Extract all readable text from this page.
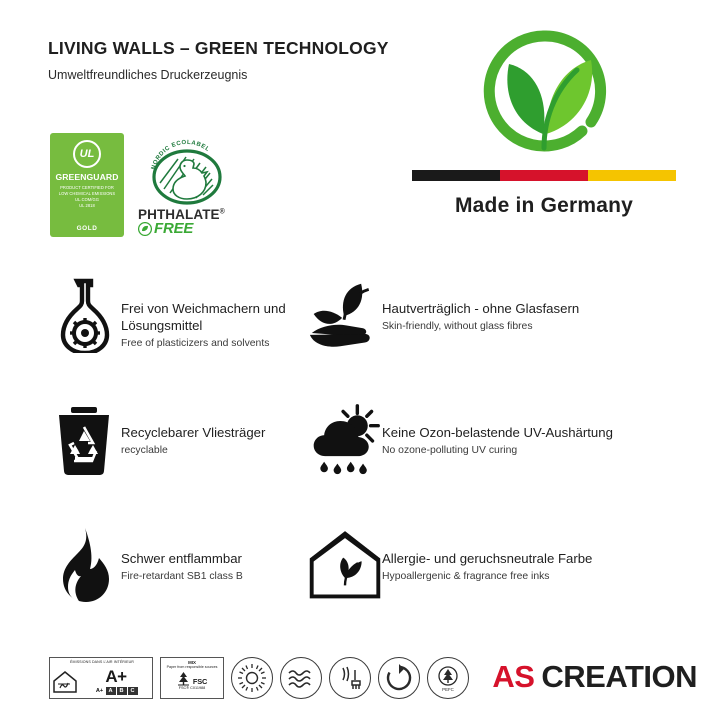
LIVING WALLS – GREEN TECHNOLOGY
Umweltfreundliches Druckerzeugnis
UL
GREENGUARD
PRODUCT CERTIFIED FOR
LOW CHEMICAL EMISSIONS
UL.COM/GG
UL 2818
GOLD
NORDIC ECOLABEL
PHTHALATE®
FREE
Made in Germany
Frei von Weichmachern und Lösungsmittel
Free of plasticizers and solvents
Hautverträglich - ohne Glasfasern
Skin-friendly, without glass fibres
Recyclebarer Vliesträger
recyclable
Keine Ozon-belastende UV-Aushärtung
No ozone-polluting UV curing
Schwer entflammbar
Fire-retardant SB1 class B
Allergie- und geruchsneutrale Farbe
Hypoallergenic & fragrance free inks
ÉMISSIONS DANS L'AIR INTÉRIEUR
A+
A+ A	B	C
MIX
Paper from responsible sources
FSC
FSC® C011988	PEFC AS CREATION
